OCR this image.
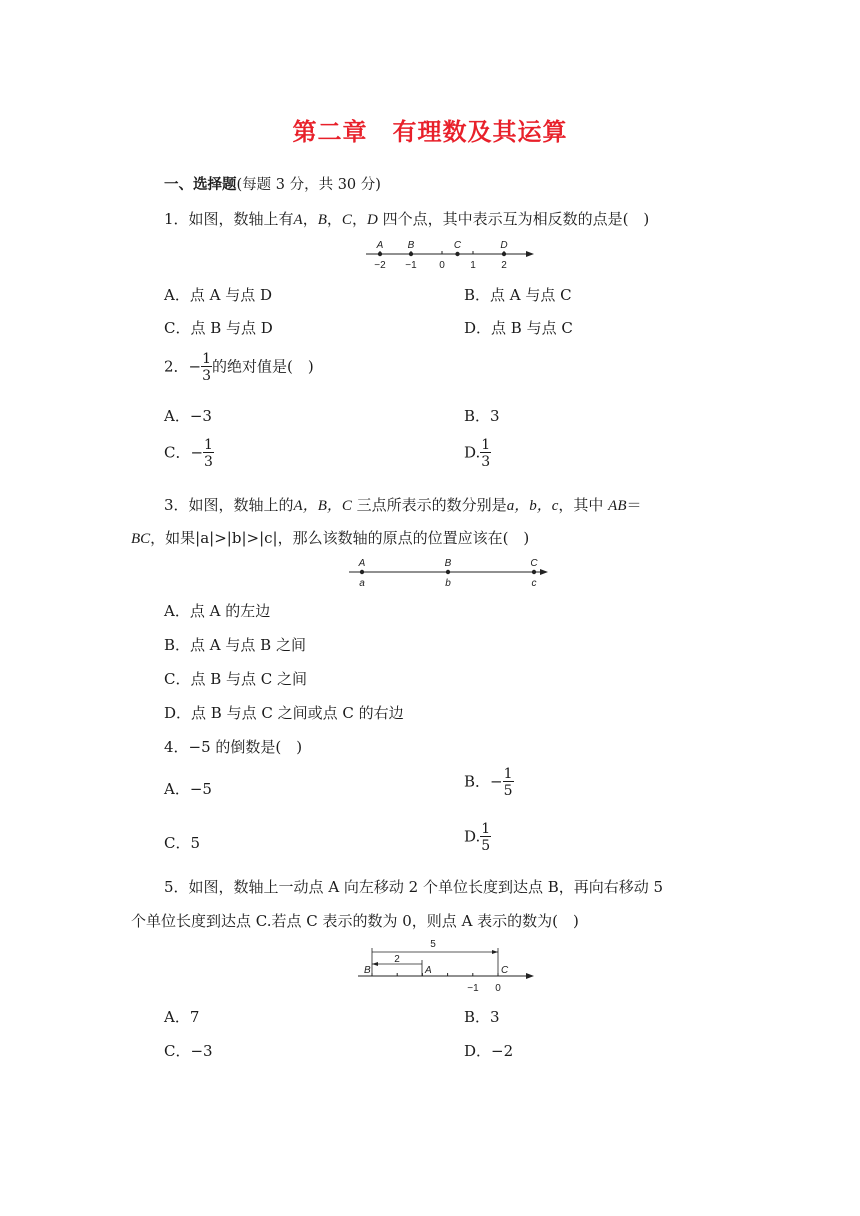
第二章　有理数及其运算
一、选择题(每题 3 分，共 30 分)
1．如图，数轴上有A，B，C，D 四个点，其中表示互为相反数的点是(　)
−2 −1 0	1	2
A B	C	D
A．点 A 与点 D	B．点 A 与点 C
C．点 B 与点 D	D．点 B 与点 C
2．− $\frac{1}{3}$ 的绝对值是(　)
A．−3	B．3
C．− $\frac{1}{3}$	D. $\frac{1}{3}$
3．如图，数轴上的A，B，C 三点所表示的数分别是a，b，c，其中 AB＝
BC，如果|a|>|b|>|c|，那么该数轴的原点的位置应该在(　)
A
a
B
b
C
c
A．点 A 的左边
B．点 A 与点 B 之间
C．点 B 与点 C 之间
D．点 B 与点 C 之间或点 C 的右边
4．−5 的倒数是(　)
A．−5	B．− $\frac{1}{5}$
C．5	D. $\frac{1}{5}$
5．如图，数轴上一动点 A 向左移动 2 个单位长度到达点 B，再向右移动 5
个单位长度到达点 C.若点 C 表示的数为 0，则点 A 表示的数为(　)
5
2
B	A	C
−1 0
A．7	B．3
C．−3	D．−2
